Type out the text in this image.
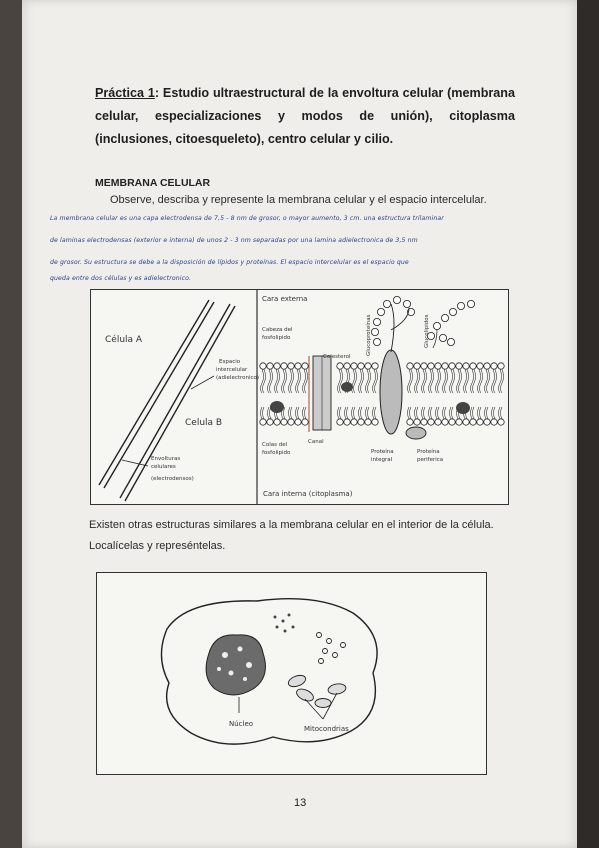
Práctica 1: Estudio ultraestructural de la envoltura celular (membrana celular, especializaciones y modos de unión), citoplasma (inclusiones, citoesqueleto), centro celular y cilio.
MEMBRANA CELULAR
Observe, describa y represente la membrana celular y el espacio intercelular.
La membrana celular es una capa electrodensa de 7,5 - 8 nm de grosor, o mayor aumento, 3 cm. una estructura trilaminar
de laminas electrodensas (exterior e interna) de unos 2 - 3 nm separadas por una lamina adielectronica de 3,5 nm
de grosor. Su estructura se debe a la disposición de lípidos y proteínas. El espacio intercelular es el espacio que
queda entre dos células y es adielectronico.
Célula A
Celula B
Espacio
intercelular
(adielectronico)
Envolturas
celulares
(electrodensos)
Cara externa
Cara interna (citoplasma)
Cabeza del
fosfolipido
Colesterol
Glucoproteínas	Glucolipidos
Colas del
fosfolipido
Canal
Proteína
integral
Proteína
periferica
Existen otras estructuras similares a la membrana celular en el interior de la célula.
Localícelas y represéntelas.
Núcleo
Mitocondrias
13
